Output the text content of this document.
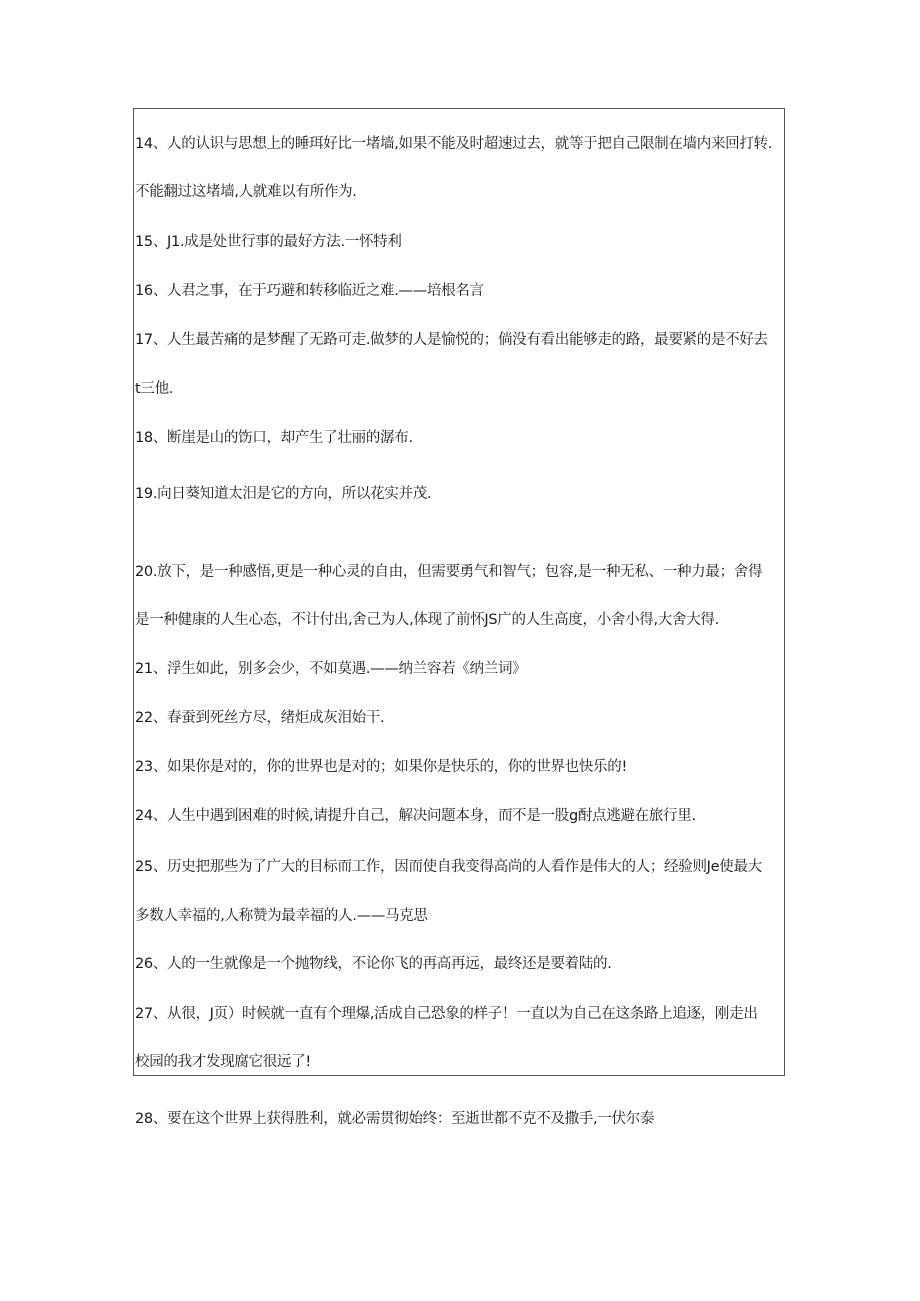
14、人的认识与思想上的睡珥好比一堵墙,如果不能及时超速过去，就等于把自己限制在墙内来回打转.
不能翻过这堵墙,人就难以有所作为.
15、J1.成是处世行事的最好方法.一怀特利
16、人君之事，在于巧避和转移临近之难.——培根名言
17、人生最苦痛的是梦醒了无路可走.做梦的人是愉悦的；倘没有看出能够走的路，最要紧的是不好去
t三他.
18、断崖是山的饬口，却产生了壮丽的潺布.
19.向日葵知道太汨是它的方向，所以花实并茂.
20.放下，是一种感悟,更是一种心灵的自由，但需要勇气和智气；包容,是一种无私、一种力最；舍得
是一种健康的人生心态，不计付出,舍己为人,体现了前怀JS广的人生高度，小舍小得,大舍大得.
21、浮生如此，别多会少，不如莫遇.——纳兰容若《纳兰词》
22、春蚕到死丝方尽，绪炬成灰泪始干.
23、如果你是对的，你的世界也是对的；如果你是快乐的，你的世界也快乐的!
24、人生中遇到困难的时候,请提升自己，解决问题本身，而不是一股g酎点逃避在旅行里.
25、历史把那些为了广大的目标而工作，因而使自我变得高尚的人看作是伟大的人；经验则Je使最大
多数人幸福的,人称赞为最幸福的人.——马克思
26、人的一生就像是一个抛物线，不论你飞的再高再远，最终还是要着陆的.
27、从很，J页）时候就一直有个理爆,活成自己恐象的样子！一直以为自己在这条路上追逐，刚走出
校园的我才发现腐它很远了!
28、要在这个世界上获得胜利，就必需贯彻始终：至逝世都不克不及撒手,一伏尔泰
